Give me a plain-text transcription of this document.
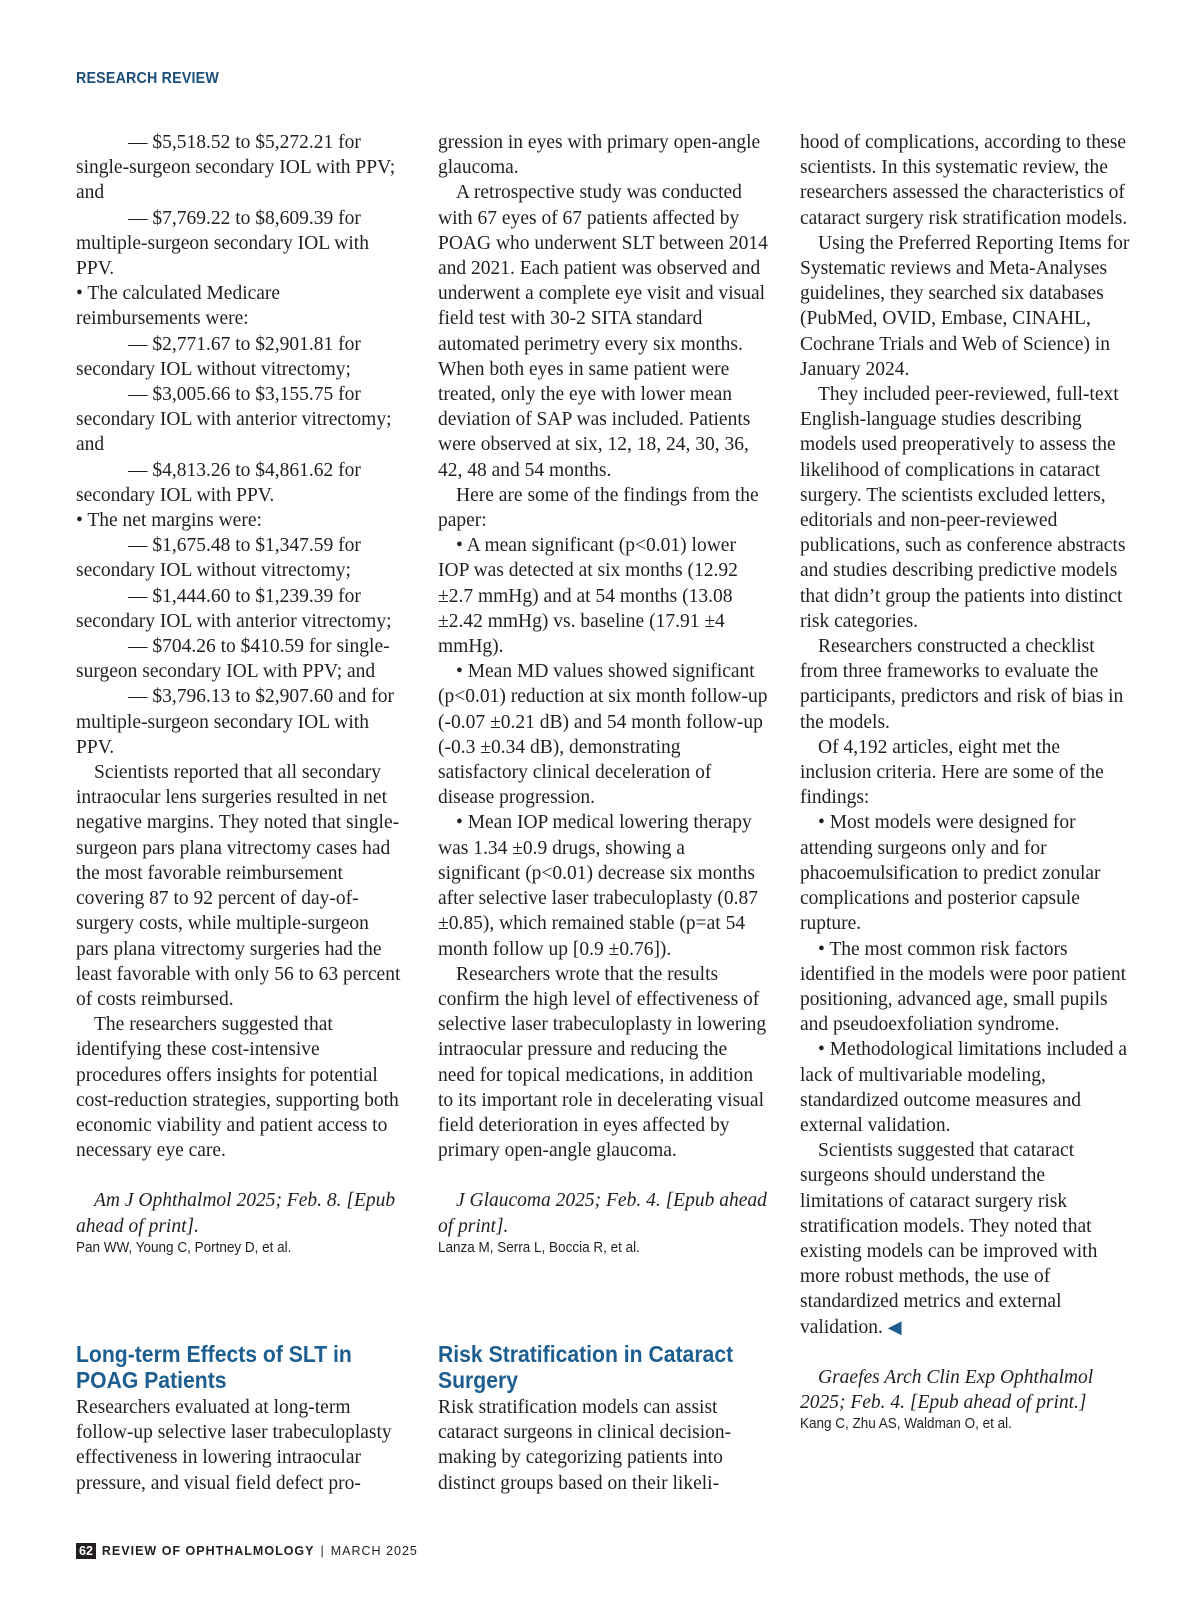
RESEARCH REVIEW

— $5,518.52 to $5,272.21 for single-surgeon secondary IOL with PPV; and

— $7,769.22 to $8,609.39 for multiple-surgeon secondary IOL with PPV.

• The calculated Medicare reimbursements were:

— $2,771.67 to $2,901.81 for secondary IOL without vitrectomy;

— $3,005.66 to $3,155.75 for secondary IOL with anterior vitrectomy; and

— $4,813.26 to $4,861.62 for secondary IOL with PPV.

• The net margins were:

— $1,675.48 to $1,347.59 for secondary IOL without vitrectomy;

— $1,444.60 to $1,239.39 for secondary IOL with anterior vitrectomy;

— $704.26 to $410.59 for single-surgeon secondary IOL with PPV; and

— $3,796.13 to $2,907.60 and for multiple-surgeon secondary IOL with PPV.

Scientists reported that all secondary intraocular lens surgeries resulted in net negative margins. They noted that single-surgeon pars plana vitrectomy cases had the most favorable reimbursement covering 87 to 92 percent of day-of-surgery costs, while multiple-surgeon pars plana vitrectomy surgeries had the least favorable with only 56 to 63 percent of costs reimbursed.

The researchers suggested that identifying these cost-intensive procedures offers insights for potential cost-reduction strategies, supporting both economic viability and patient access to necessary eye care.

Am J Ophthalmol 2025; Feb. 8. [Epub ahead of print].

Pan WW, Young C, Portney D, et al.

Long-term Effects of SLT in POAG Patients

Researchers evaluated at long-term follow-up selective laser trabeculoplasty effectiveness in lowering intraocular pressure, and visual field defect pro-

gression in eyes with primary open-angle glaucoma.

A retrospective study was conducted with 67 eyes of 67 patients affected by POAG who underwent SLT between 2014 and 2021. Each patient was observed and underwent a complete eye visit and visual field test with 30-2 SITA standard automated perimetry every six months. When both eyes in same patient were treated, only the eye with lower mean deviation of SAP was included. Patients were observed at six, 12, 18, 24, 30, 36, 42, 48 and 54 months.

Here are some of the findings from the paper:

• A mean significant (p<0.01) lower IOP was detected at six months (12.92 ±2.7 mmHg) and at 54 months (13.08 ±2.42 mmHg) vs. baseline (17.91 ±4 mmHg).

• Mean MD values showed significant (p<0.01) reduction at six month follow-up (-0.07 ±0.21 dB) and 54 month follow-up (-0.3 ±0.34 dB), demonstrating satisfactory clinical deceleration of disease progression.

• Mean IOP medical lowering therapy was 1.34 ±0.9 drugs, showing a significant (p<0.01) decrease six months after selective laser trabeculoplasty (0.87 ±0.85), which remained stable (p=at 54 month follow up [0.9 ±0.76]).

Researchers wrote that the results confirm the high level of effectiveness of selective laser trabeculoplasty in lowering intraocular pressure and reducing the need for topical medications, in addition to its important role in decelerating visual field deterioration in eyes affected by primary open-angle glaucoma.

J Glaucoma 2025; Feb. 4. [Epub ahead of print].

Lanza M, Serra L, Boccia R, et al.

Risk Stratification in Cataract Surgery

Risk stratification models can assist cataract surgeons in clinical decision-making by categorizing patients into distinct groups based on their likeli-

hood of complications, according to these scientists. In this systematic review, the researchers assessed the characteristics of cataract surgery risk stratification models.

Using the Preferred Reporting Items for Systematic reviews and Meta-Analyses guidelines, they searched six databases (PubMed, OVID, Embase, CINAHL, Cochrane Trials and Web of Science) in January 2024.

They included peer-reviewed, full-text English-language studies describing models used preoperatively to assess the likelihood of complications in cataract surgery. The scientists excluded letters, editorials and non-peer-reviewed publications, such as conference abstracts and studies describing predictive models that didn’t group the patients into distinct risk categories.

Researchers constructed a checklist from three frameworks to evaluate the participants, predictors and risk of bias in the models.

Of 4,192 articles, eight met the inclusion criteria. Here are some of the findings:

• Most models were designed for attending surgeons only and for phacoemulsification to predict zonular complications and posterior capsule rupture.

• The most common risk factors identified in the models were poor patient positioning, advanced age, small pupils and pseudoexfoliation syndrome.

• Methodological limitations included a lack of multivariable modeling, standardized outcome measures and external validation.

Scientists suggested that cataract surgeons should understand the limitations of cataract surgery risk stratification models. They noted that existing models can be improved with more robust methods, the use of standardized metrics and external validation. ◀

Graefes Arch Clin Exp Ophthalmol 2025; Feb. 4. [Epub ahead of print.]

Kang C, Zhu AS, Waldman O, et al.

62 REVIEW OF OPHTHALMOLOGY | MARCH 2025
